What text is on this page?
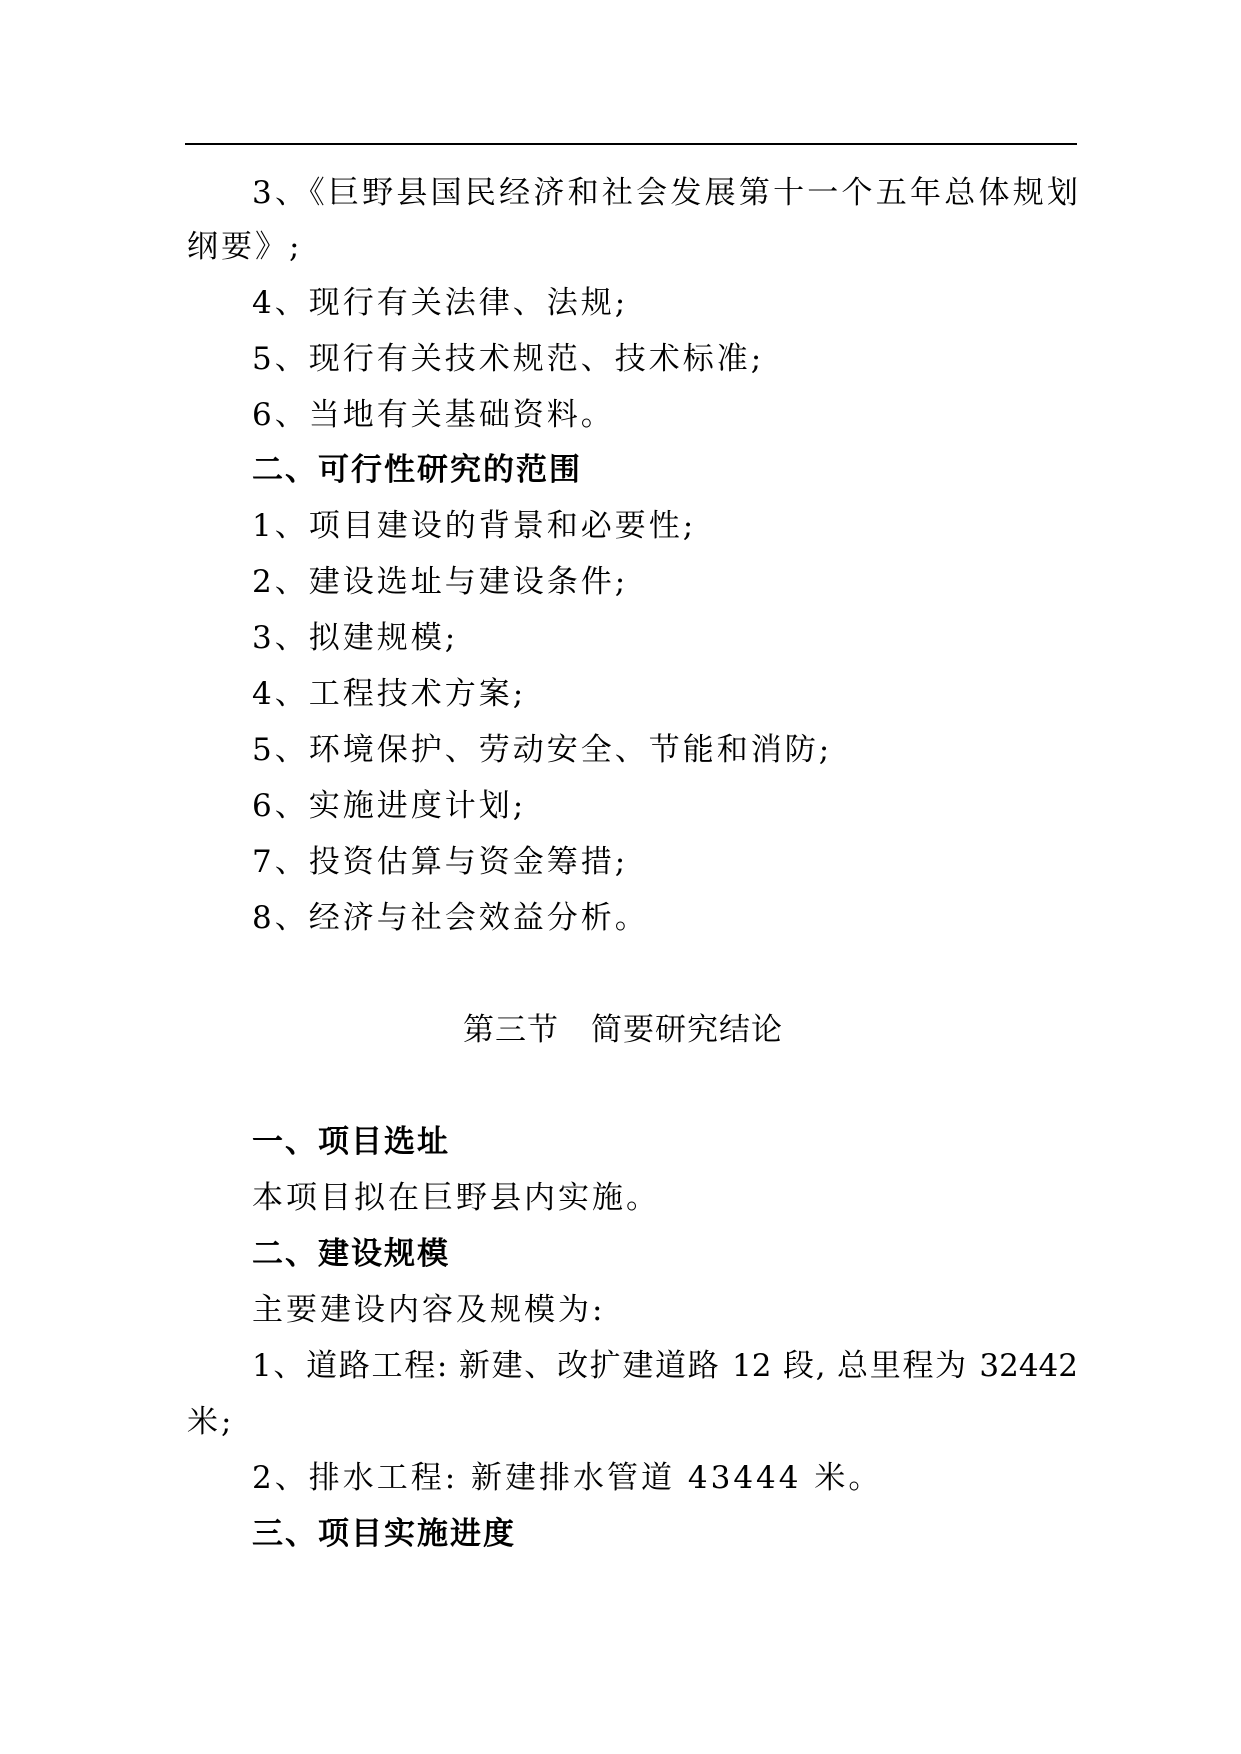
3、《巨野县国民经济和社会发展第十一个五年总体规划
纲要》;
4、现行有关法律、法规;
5、现行有关技术规范、技术标准;
6、当地有关基础资料。
二、可行性研究的范围
1、项目建设的背景和必要性;
2、建设选址与建设条件;
3、拟建规模;
4、工程技术方案;
5、环境保护、劳动安全、节能和消防;
6、实施进度计划;
7、投资估算与资金筹措;
8、经济与社会效益分析。
第三节　简要研究结论
一、项目选址
本项目拟在巨野县内实施。
二、建设规模
主要建设内容及规模为:
1、道路工程: 新建、改扩建道路 12 段, 总里程为 32442
米;
2、排水工程: 新建排水管道 43444 米。
三、项目实施进度
